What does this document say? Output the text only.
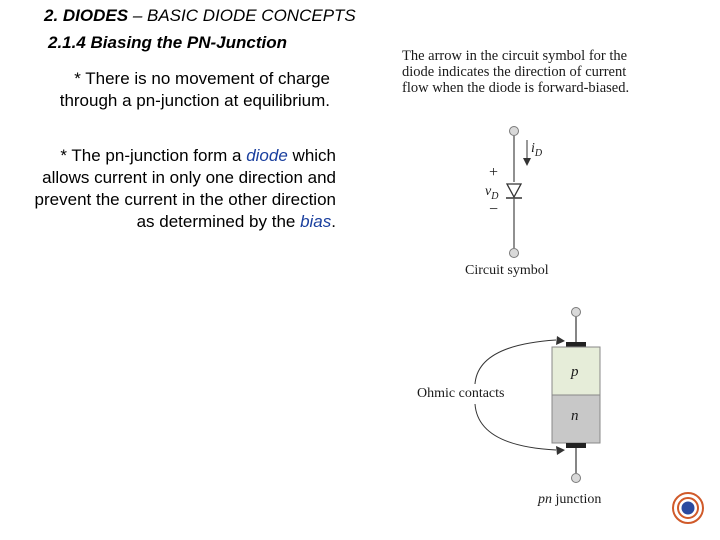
2. DIODES – BASIC DIODE CONCEPTS
2.1.4 Biasing the PN-Junction
* There is no movement of charge through a pn-junction at equilibrium.
* The pn-junction form a diode which allows current in only one direction and prevent the current in the other direction as determined by the bias.
The arrow in the circuit symbol for the diode indicates the direction of current flow when the diode is forward-biased.
$i_D$
+
$v_D$
−
Circuit symbol
Ohmic contacts
p
n
pn junction
